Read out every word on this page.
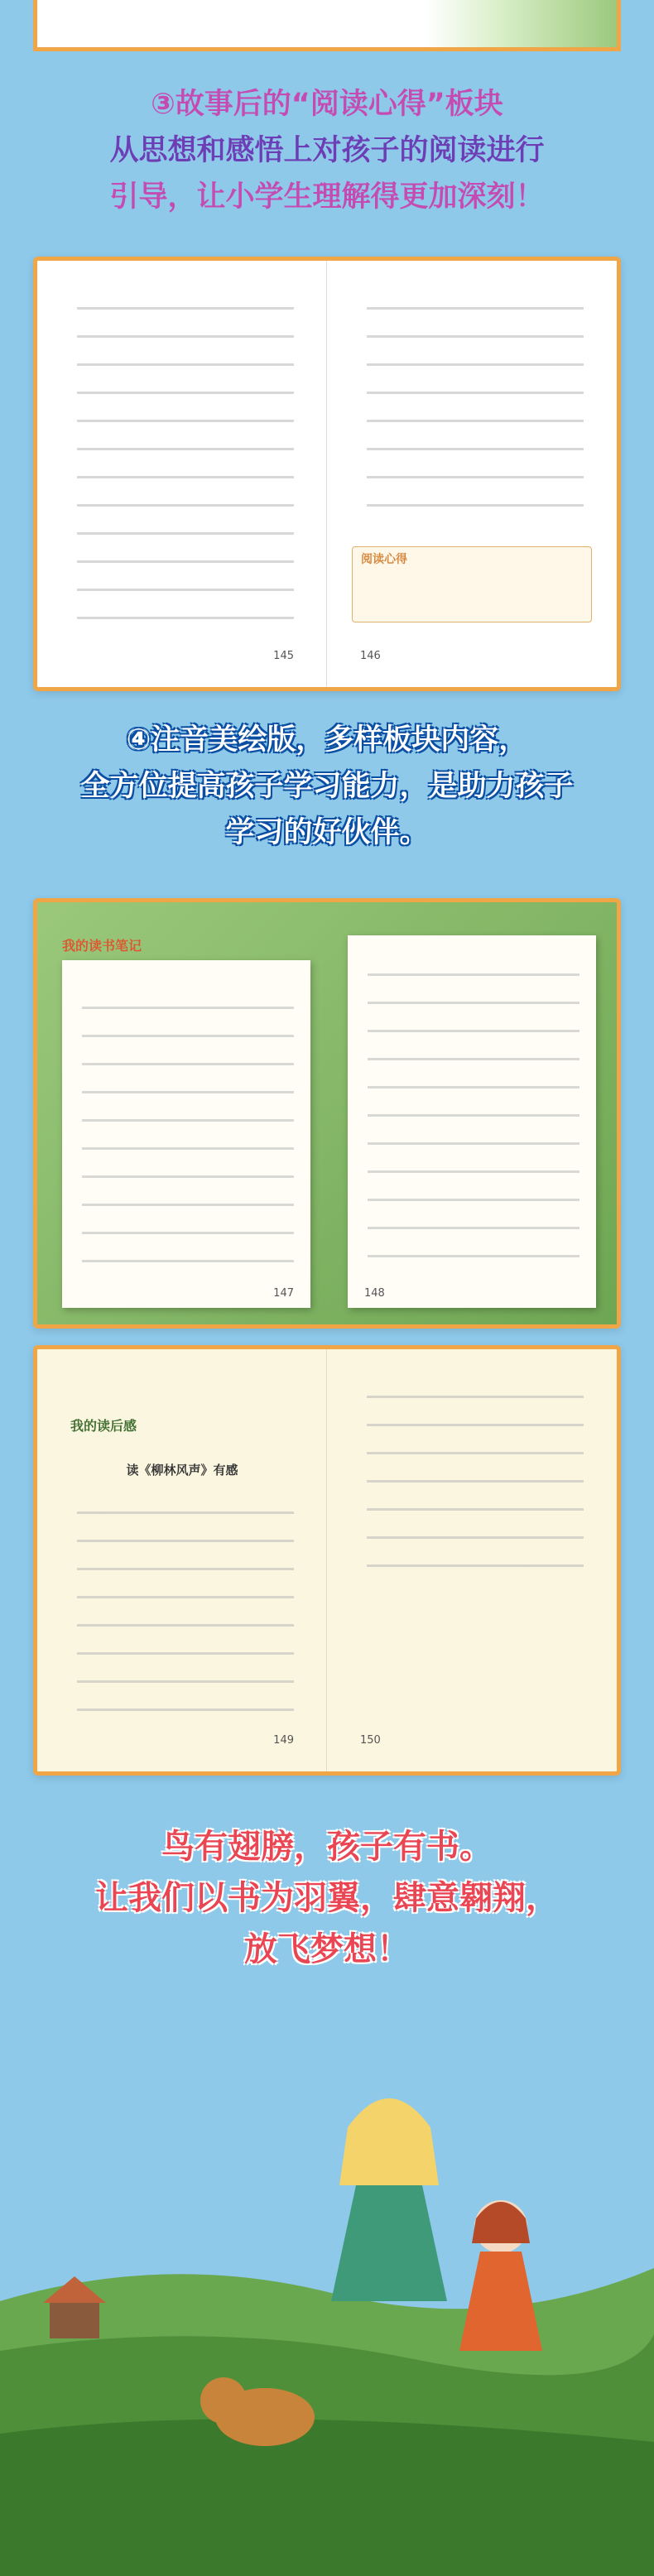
③故事后的“阅读心得”板块
从思想和感悟上对孩子的阅读进行
引导，让小学生理解得更加深刻！
145
阅读心得
146
④注音美绘版，多样板块内容，
全方位提高孩子学习能力，是助力孩子
学习的好伙伴。
147
我的读书笔记
148
我的读后感
读《柳林风声》有感
149	150
鸟有翅膀，孩子有书。
让我们以书为羽翼，肆意翱翔，
放飞梦想！
